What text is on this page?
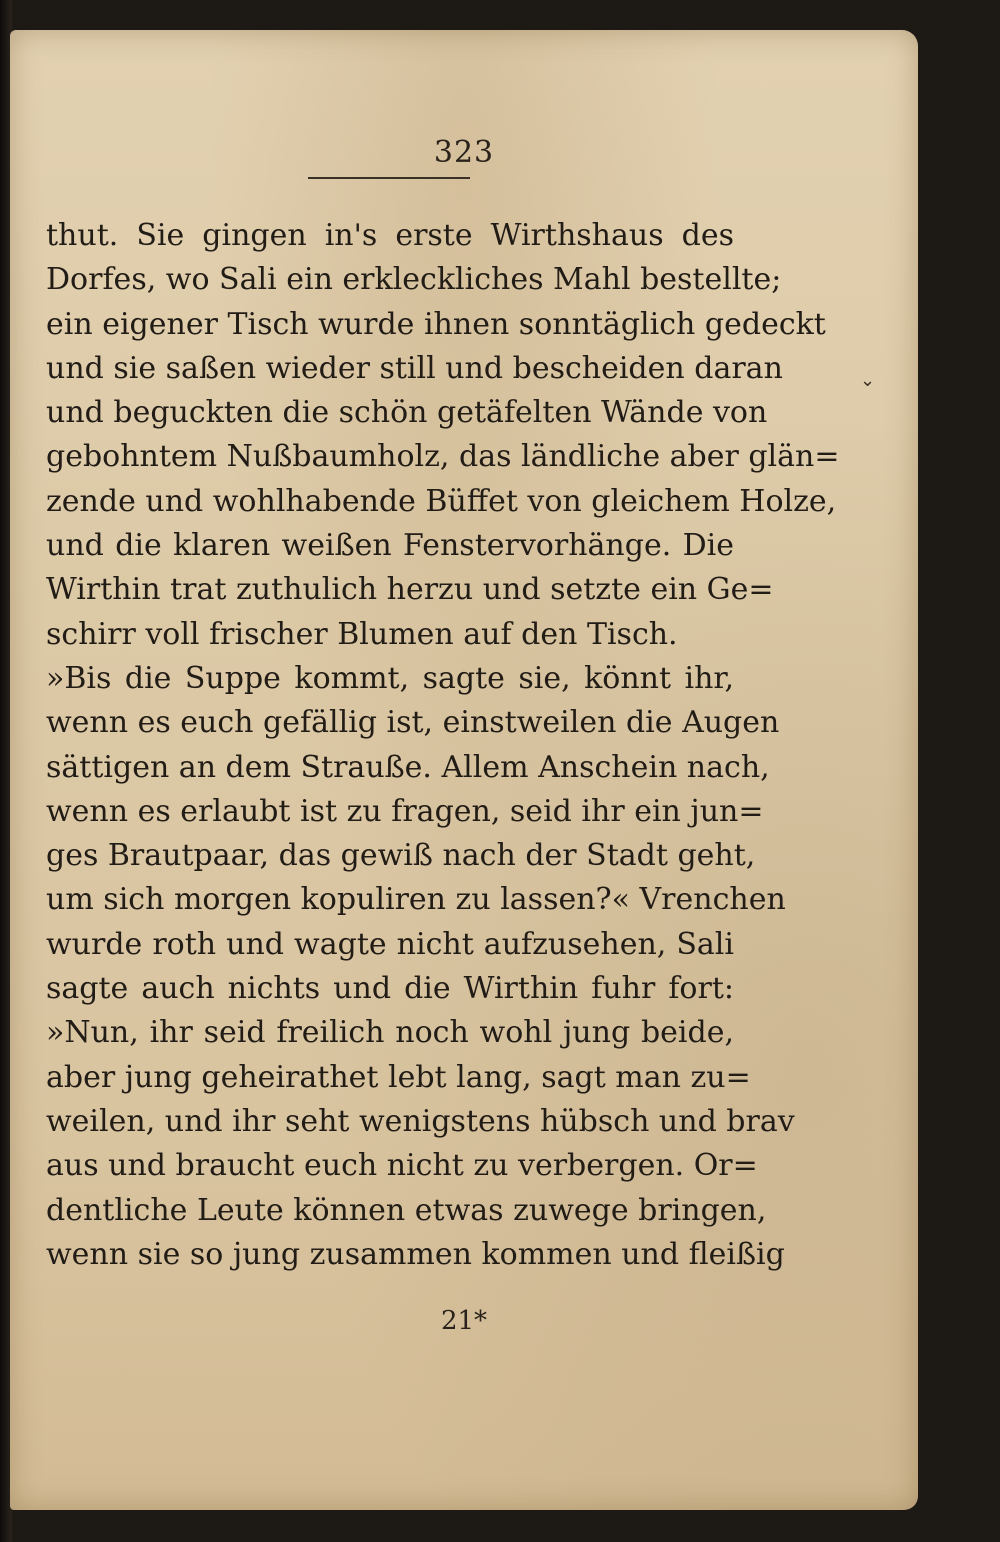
323
⌄
thut. Sie gingen in's erste Wirthshaus des
Dorfes, wo Sali ein erkleckliches Mahl bestellte;
ein eigener Tisch wurde ihnen sonntäglich gedeckt
und sie saßen wieder still und bescheiden daran
und beguckten die schön getäfelten Wände von
gebohntem Nußbaumholz, das ländliche aber glän=
zende und wohlhabende Büffet von gleichem Holze,
und die klaren weißen Fenstervorhänge. Die
Wirthin trat zuthulich herzu und setzte ein Ge=
schirr voll frischer Blumen auf den Tisch.
»Bis die Suppe kommt, sagte sie, könnt ihr,
wenn es euch gefällig ist, einstweilen die Augen
sättigen an dem Strauße. Allem Anschein nach,
wenn es erlaubt ist zu fragen, seid ihr ein jun=
ges Brautpaar, das gewiß nach der Stadt geht,
um sich morgen kopuliren zu lassen?« Vrenchen
wurde roth und wagte nicht aufzusehen, Sali
sagte auch nichts und die Wirthin fuhr fort:
»Nun, ihr seid freilich noch wohl jung beide,
aber jung geheirathet lebt lang, sagt man zu=
weilen, und ihr seht wenigstens hübsch und brav
aus und braucht euch nicht zu verbergen. Or=
dentliche Leute können etwas zuwege bringen,
wenn sie so jung zusammen kommen und fleißig
21*
